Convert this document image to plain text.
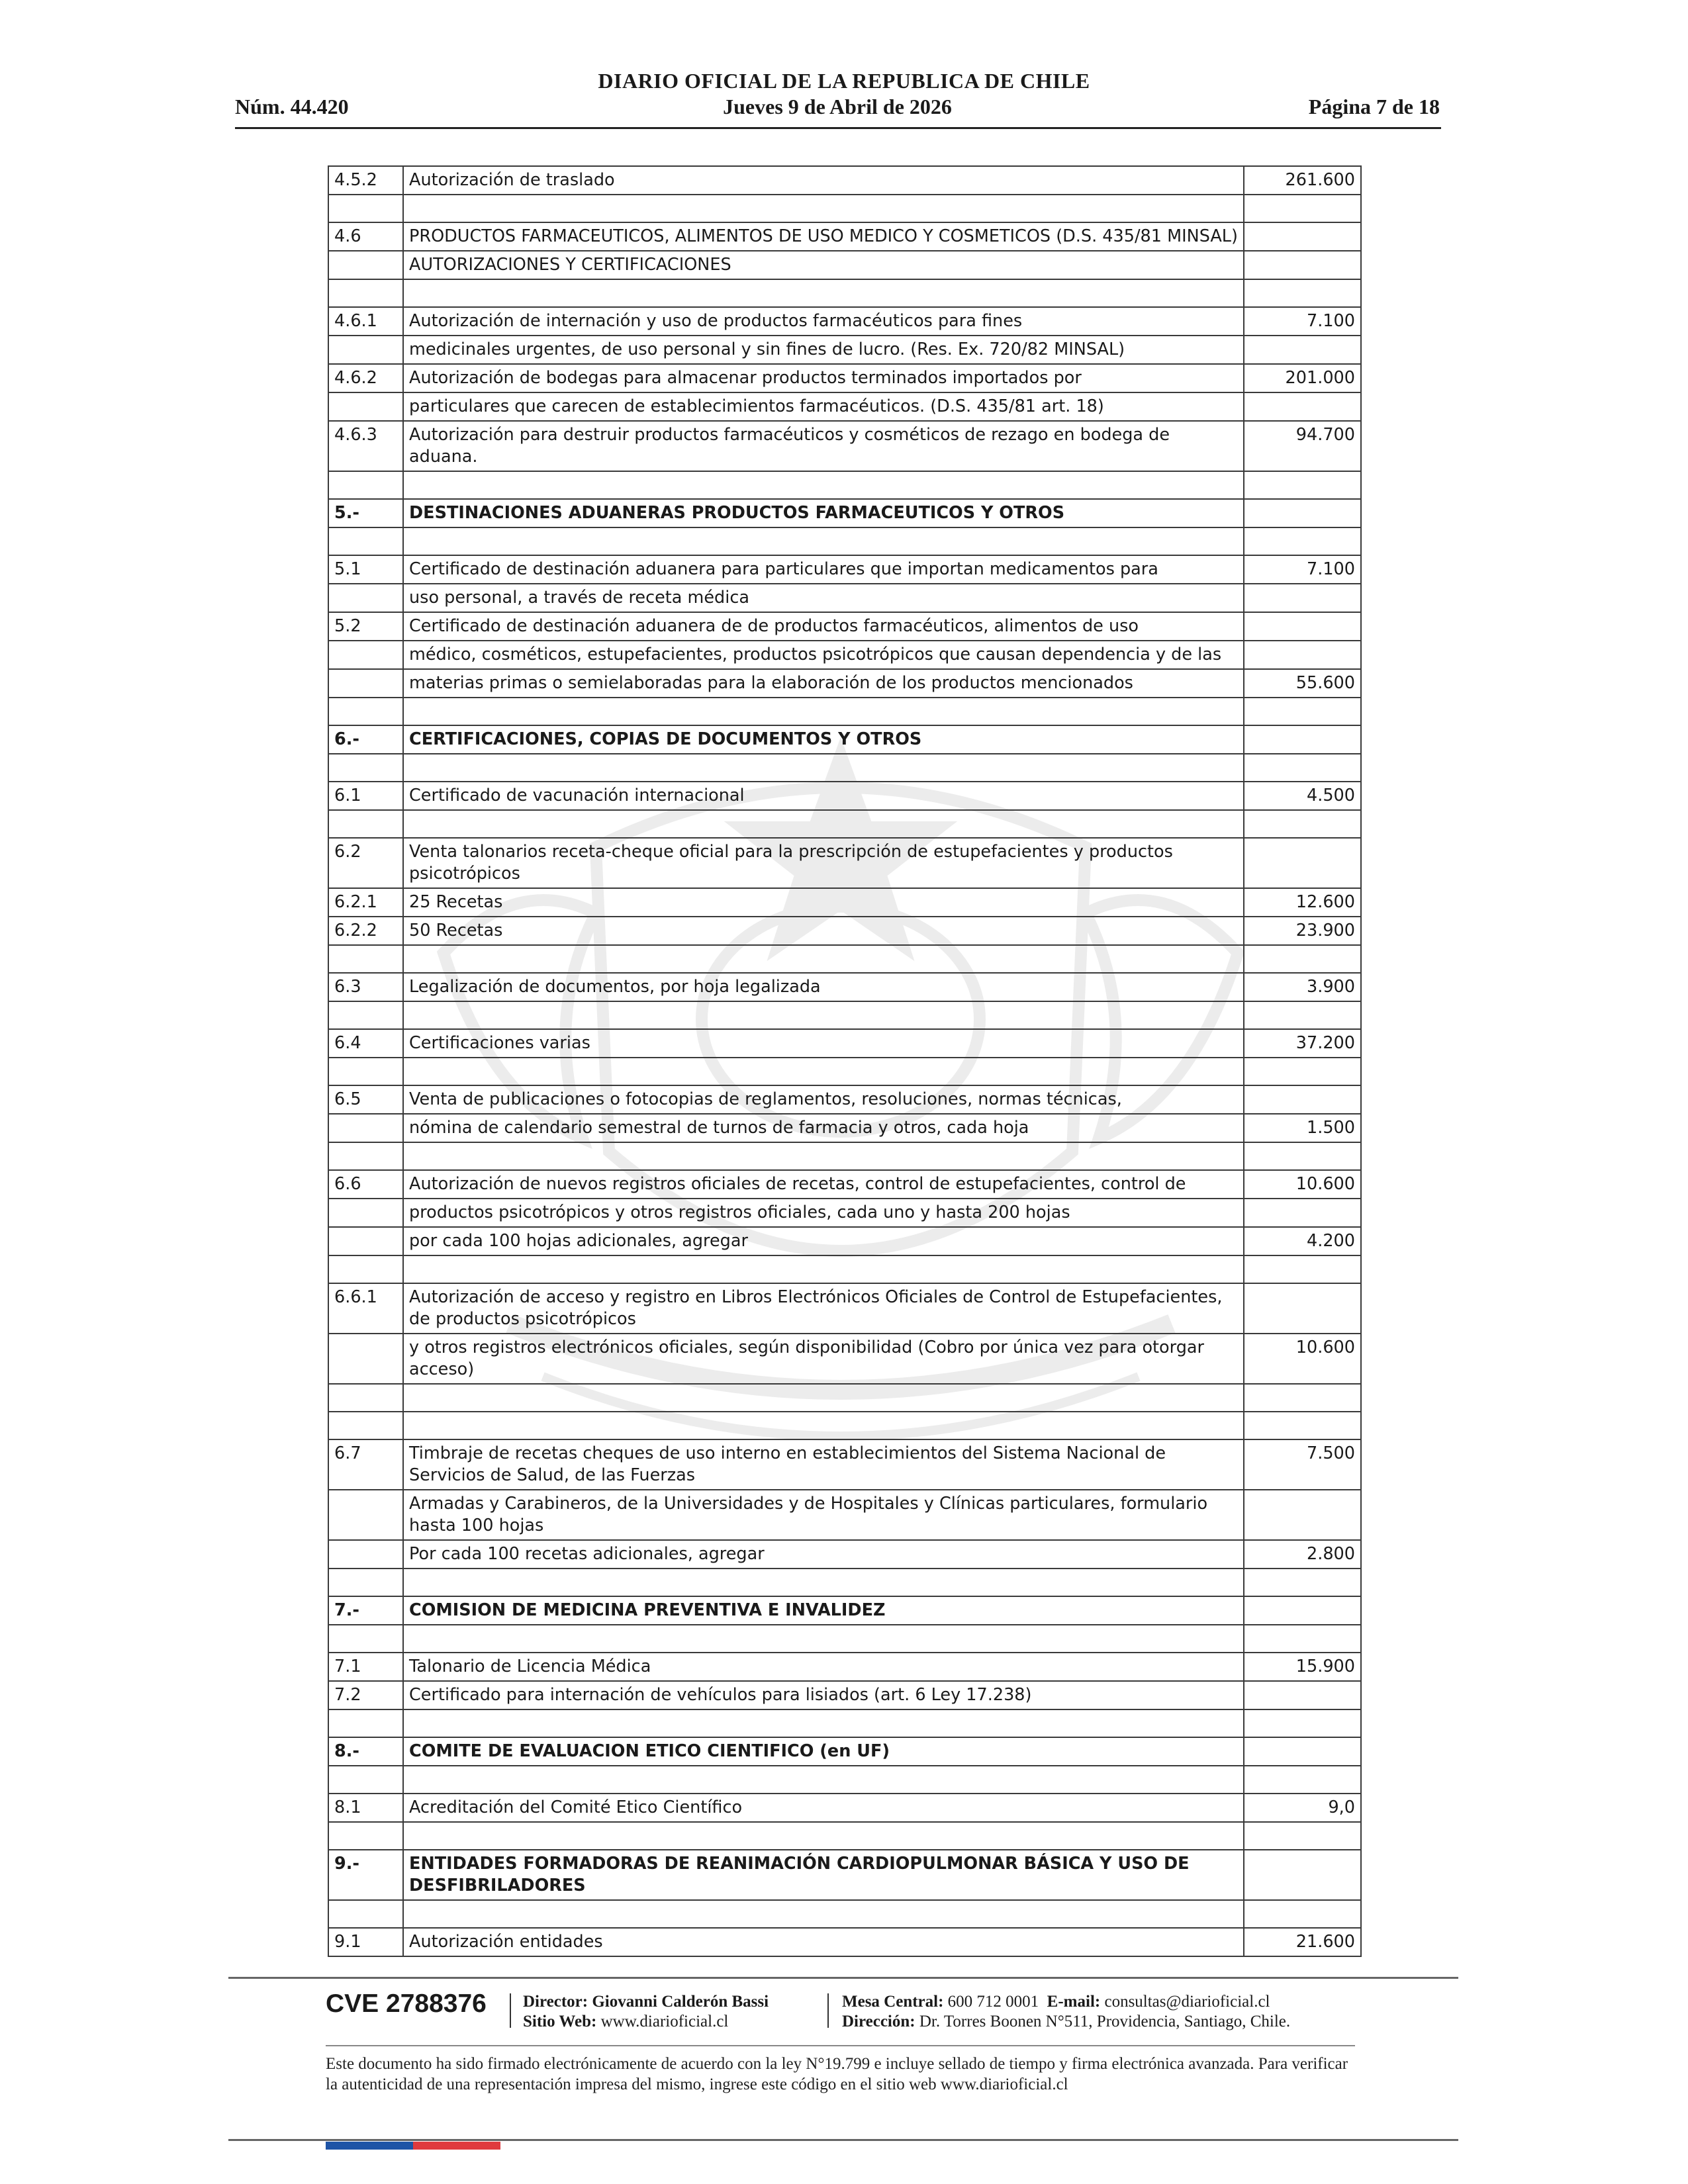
DIARIO OFICIAL DE LA REPUBLICA DE CHILE
Jueves 9 de Abril de 2026
Núm. 44.420	Página 7 de 18
4.5.2	Autorización de traslado	261.600

4.6	PRODUCTOS FARMACEUTICOS, ALIMENTOS DE USO MEDICO Y COSMETICOS (D.S. 435/81 MINSAL)	
	AUTORIZACIONES Y CERTIFICACIONES	

4.6.1	Autorización de internación y uso de productos farmacéuticos para fines	7.100
	medicinales urgentes, de uso personal y sin fines de lucro. (Res. Ex. 720/82 MINSAL)	
4.6.2	Autorización de bodegas para almacenar productos terminados importados por	201.000
	particulares que carecen de establecimientos farmacéuticos. (D.S. 435/81 art. 18)	
4.6.3	Autorización para destruir productos farmacéuticos y cosméticos de rezago en bodega de aduana.	94.700

5.-	DESTINACIONES ADUANERAS PRODUCTOS FARMACEUTICOS Y OTROS	

5.1	Certificado de destinación aduanera para particulares que importan medicamentos para	7.100
	uso personal, a través de receta médica	
5.2	Certificado de destinación aduanera de de productos farmacéuticos, alimentos de uso	
	médico, cosméticos, estupefacientes, productos psicotrópicos que causan dependencia y de las	
	materias primas o semielaboradas para la elaboración de los productos mencionados	55.600

6.-	CERTIFICACIONES, COPIAS DE DOCUMENTOS Y OTROS	

6.1	Certificado de vacunación internacional	4.500

6.2	Venta talonarios receta-cheque oficial para la prescripción de estupefacientes y productos psicotrópicos	
6.2.1	25 Recetas	12.600
6.2.2	50 Recetas	23.900

6.3	Legalización de documentos, por hoja legalizada	3.900

6.4	Certificaciones varias	37.200

6.5	Venta de publicaciones o fotocopias de reglamentos, resoluciones, normas técnicas,	
	nómina de calendario semestral de turnos de farmacia y otros, cada hoja	1.500

6.6	Autorización de nuevos registros oficiales de recetas, control de estupefacientes, control de	10.600
	productos psicotrópicos y otros registros oficiales, cada uno y hasta 200 hojas	
	por cada 100 hojas adicionales, agregar	4.200

6.6.1	Autorización de acceso y registro en Libros Electrónicos Oficiales de Control de Estupefacientes, de productos psicotrópicos	
	y otros registros electrónicos oficiales, según disponibilidad (Cobro por única vez para otorgar acceso)	10.600

6.7	Timbraje de recetas cheques de uso interno en establecimientos del Sistema Nacional de Servicios de Salud, de las Fuerzas	7.500
	Armadas y Carabineros, de la Universidades y de Hospitales y Clínicas particulares, formulario hasta 100 hojas	
	Por cada 100 recetas adicionales, agregar	2.800

7.-	COMISION DE MEDICINA PREVENTIVA E INVALIDEZ	

7.1	Talonario de Licencia Médica	15.900
7.2	Certificado para internación de vehículos para lisiados (art. 6 Ley 17.238)	

8.-	COMITE DE EVALUACION ETICO CIENTIFICO (en UF)	

8.1	Acreditación del Comité Etico Científico	9,0

9.-	ENTIDADES FORMADORAS DE REANIMACIÓN CARDIOPULMONAR BÁSICA Y USO DE DESFIBRILADORES	

9.1	Autorización entidades	21.600
CVE 2788376 Director: Giovanni Calderón Bassi
Sitio Web: www.diarioficial.cl
Mesa Central: 600 712 0001 E-mail: consultas@diarioficial.cl
Dirección: Dr. Torres Boonen N°511, Providencia, Santiago, Chile.
Este documento ha sido firmado electrónicamente de acuerdo con la ley N°19.799 e incluye sellado de tiempo y firma electrónica avanzada. Para verificar la autenticidad de una representación impresa del mismo, ingrese este código en el sitio web www.diarioficial.cl
